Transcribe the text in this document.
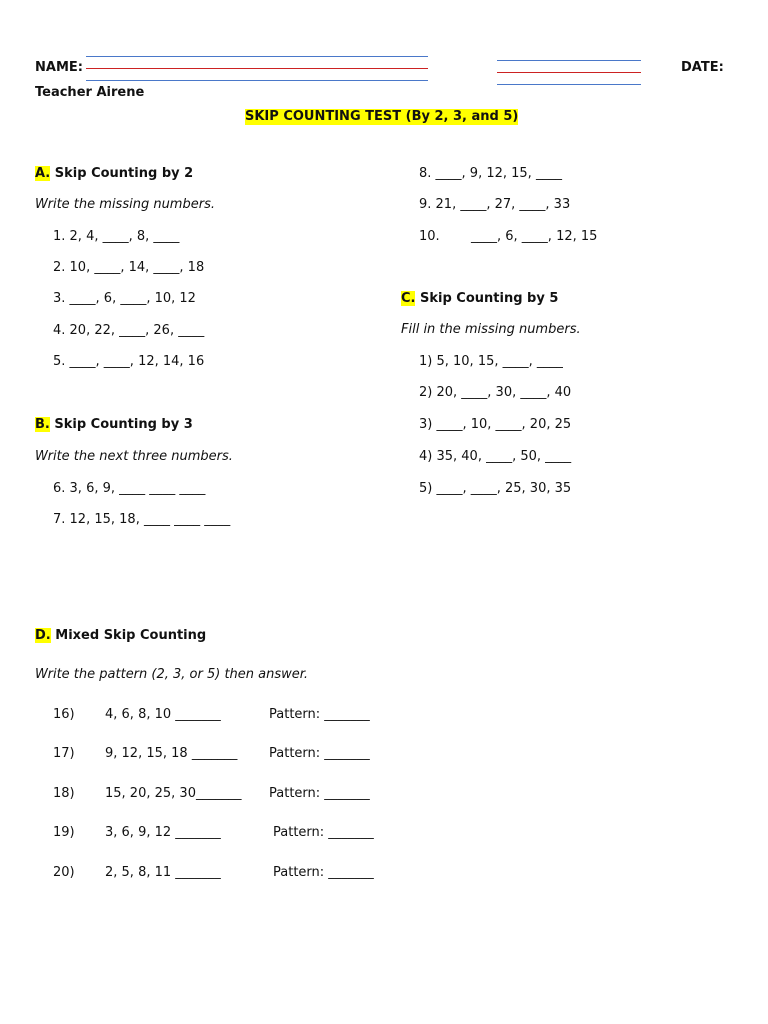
NAME:	DATE:
Teacher Airene
SKIP COUNTING TEST (By 2, 3, and 5)
A. Skip Counting by 2
Write the missing numbers.
1. 2, 4, ____, 8, ____
2. 10, ____, 14, ____, 18
3. ____, 6, ____, 10, 12
4. 20, 22, ____, 26, ____
5. ____, ____, 12, 14, 16
B. Skip Counting by 3
Write the next three numbers.
6. 3, 6, 9, ____ ____ ____
7. 12, 15, 18, ____ ____ ____
8. ____, 9, 12, 15, ____
9. 21, ____, 27, ____, 33
10. ____, 6, ____, 12, 15
C. Skip Counting by 5
Fill in the missing numbers.
1) 5, 10, 15, ____, ____
2) 20, ____, 30, ____, 40
3) ____, 10, ____, 20, 25
4) 35, 40, ____, 50, ____
5) ____, ____, 25, 30, 35
D. Mixed Skip Counting
Write the pattern (2, 3, or 5) then answer.
16) 4, 6, 8, 10 _______	Pattern: _______
17) 9, 12, 15, 18 _______ Pattern: _______
18) 15, 20, 25, 30_______ Pattern: _______
19) 3, 6, 9, 12 _______	Pattern: _______
20) 2, 5, 8, 11 _______	Pattern: _______
